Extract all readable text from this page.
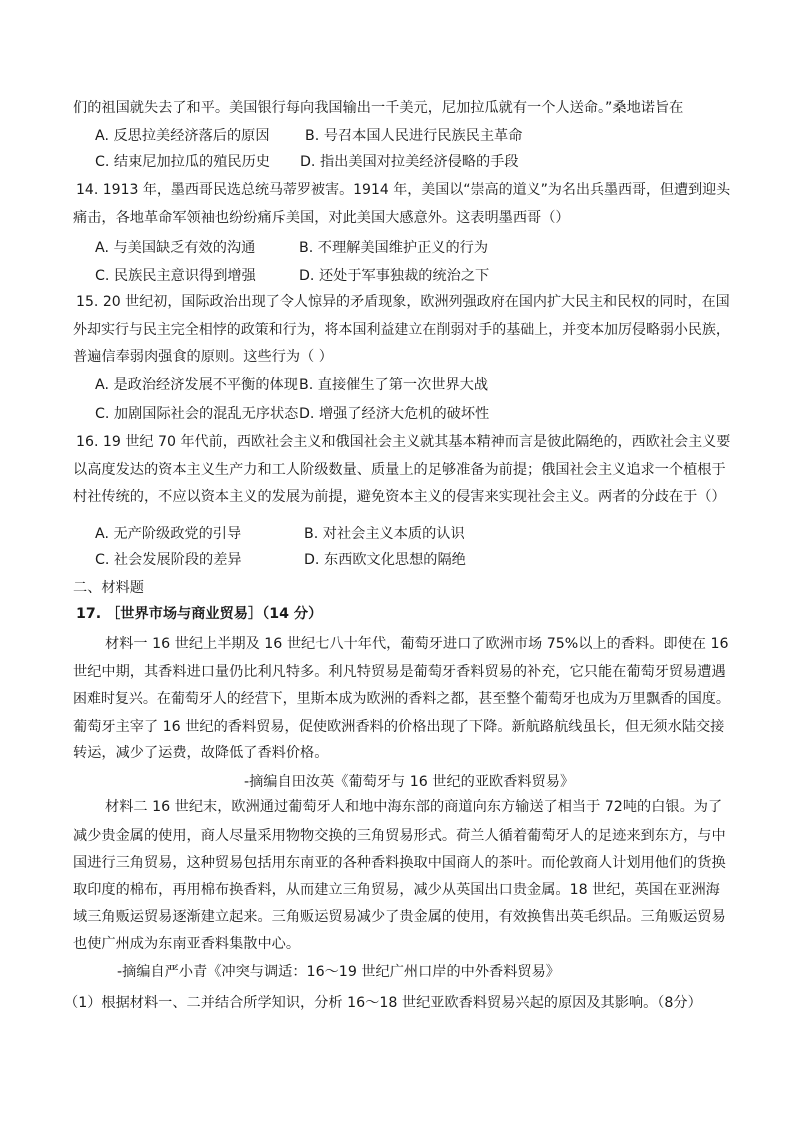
们的祖国就失去了和平。美国银行每向我国输出一千美元，尼加拉瓜就有一个人送命。”桑地诺旨在
A. 反思拉美经济落后的原因 B. 号召本国人民进行民族民主革命
C. 结束尼加拉瓜的殖民历史 D. 指出美国对拉美经济侵略的手段
14. 1913 年，墨西哥民选总统马蒂罗被害。1914 年，美国以“崇高的道义”为名出兵墨西哥，但遭到迎头
痛击，各地革命军领袖也纷纷痛斥美国，对此美国大感意外。这表明墨西哥（）
A. 与美国缺乏有效的沟通	B. 不理解美国维护正义的行为
C. 民族民主意识得到增强	D. 还处于军事独裁的统治之下
15. 20 世纪初，国际政治出现了令人惊异的矛盾现象，欧洲列强政府在国内扩大民主和民权的同时，在国
外却实行与民主完全相悖的政策和行为，将本国利益建立在削弱对手的基础上，并变本加厉侵略弱小民族，
普遍信奉弱肉强食的原则。这些行为（ ）
A. 是政治经济发展不平衡的体现 B. 直接催生了第一次世界大战
C. 加剧国际社会的混乱无序状态 D. 增强了经济大危机的破坏性
16. 19 世纪 70 年代前，西欧社会主义和俄国社会主义就其基本精神而言是彼此隔绝的，西欧社会主义要
以高度发达的资本主义生产力和工人阶级数量、质量上的足够准备为前提；俄国社会主义追求一个植根于
村社传统的，不应以资本主义的发展为前提，避免资本主义的侵害来实现社会主义。两者的分歧在于（）
A. 无产阶级政党的引导	B. 对社会主义本质的认识
C. 社会发展阶段的差异	D. 东西欧文化思想的隔绝
二、材料题
17. ［世界市场与商业贸易］（14 分）
材料一 16 世纪上半期及 16 世纪七八十年代，葡萄牙进口了欧洲市场 75%以上的香料。即使在 16
世纪中期，其香料进口量仍比利凡特多。利凡特贸易是葡萄牙香料贸易的补充，它只能在葡萄牙贸易遭遇
困难时复兴。在葡萄牙人的经营下，里斯本成为欧洲的香料之都，甚至整个葡萄牙也成为万里飘香的国度。
葡萄牙主宰了 16 世纪的香料贸易，促使欧洲香料的价格出现了下降。新航路航线虽长，但无须水陆交接
转运，减少了运费，故降低了香料价格。
-摘编自田汝英《葡萄牙与 16 世纪的亚欧香料贸易》
材料二 16 世纪末，欧洲通过葡萄牙人和地中海东部的商道向东方输送了相当于 72吨的白银。为了
减少贵金属的使用，商人尽量采用物物交换的三角贸易形式。荷兰人循着葡萄牙人的足迹来到东方，与中
国进行三角贸易，这种贸易包括用东南亚的各种香料换取中国商人的茶叶。而伦敦商人计划用他们的货换
取印度的棉布，再用棉布换香料，从而建立三角贸易，减少从英国出口贵金属。18 世纪，英国在亚洲海
域三角贩运贸易逐渐建立起来。三角贩运贸易减少了贵金属的使用，有效换售出英毛织品。三角贩运贸易
也使广州成为东南亚香料集散中心。
-摘编自严小青《冲突与调适：16～19 世纪广州口岸的中外香料贸易》
（1）根据材料一、二并结合所学知识，分析 16～18 世纪亚欧香料贸易兴起的原因及其影响。（8分）
